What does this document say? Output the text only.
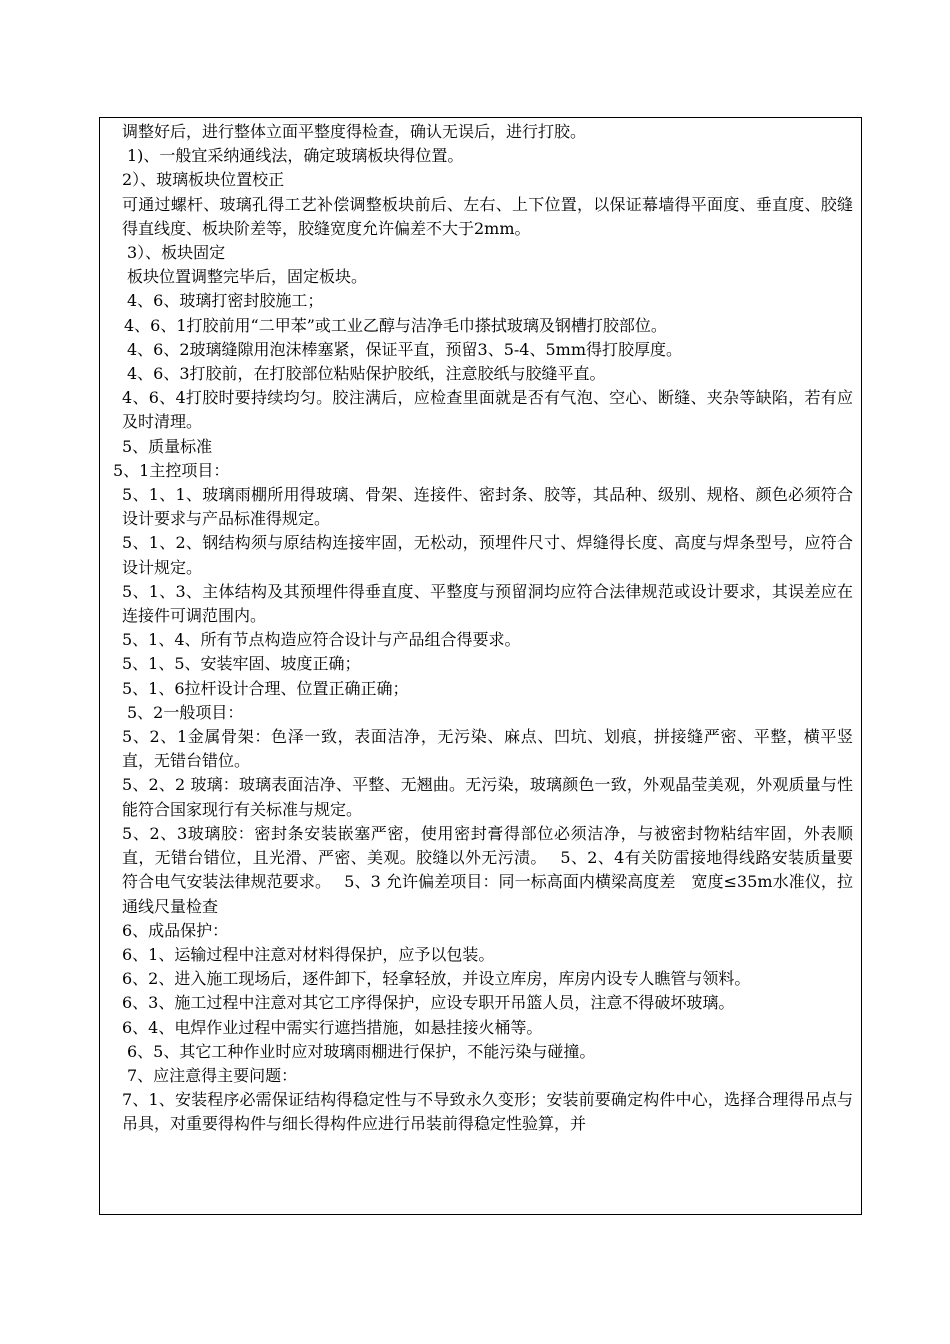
调整好后，进行整体立面平整度得检查，确认无误后，进行打胶。

1)、一般宜采纳通线法，确定玻璃板块得位置。

2）、玻璃板块位置校正

可通过螺杆、玻璃孔得工艺补偿调整板块前后、左右、上下位置，以保证幕墙得平面度、垂直度、胶缝得直线度、板块阶差等，胶缝宽度允许偏差不大于2mm。

3）、板块固定

板块位置调整完毕后，固定板块。

4、6、玻璃打密封胶施工；

4、6、1打胶前用“二甲苯”或工业乙醇与洁净毛巾搽拭玻璃及钢槽打胶部位。

4、6、2玻璃缝隙用泡沫棒塞紧，保证平直，预留3、5-4、5mm得打胶厚度。

4、6、3打胶前，在打胶部位粘贴保护胶纸，注意胶纸与胶缝平直。

4、6、4打胶时要持续均匀。胶注满后，应检查里面就是否有气泡、空心、断缝、夹杂等缺陷，若有应及时清理。

5、质量标准

5、1主控项目：

5、1、1、玻璃雨棚所用得玻璃、骨架、连接件、密封条、胶等，其品种、级别、规格、颜色必须符合设计要求与产品标准得规定。

5、1、2、钢结构须与原结构连接牢固，无松动，预埋件尺寸、焊缝得长度、高度与焊条型号，应符合设计规定。

5、1、3、主体结构及其预埋件得垂直度、平整度与预留洞均应符合法律规范或设计要求，其误差应在连接件可调范围内。

5、1、4、所有节点构造应符合设计与产品组合得要求。

5、1、5、安装牢固、坡度正确；

5、1、6拉杆设计合理、位置正确正确；

5、2一般项目：

5、2、1金属骨架：色泽一致，表面洁净，无污染、麻点、凹坑、划痕，拼接缝严密、平整，横平竖直，无错台错位。

5、2、2 玻璃：玻璃表面洁净、平整、无翘曲。无污染，玻璃颜色一致，外观晶莹美观，外观质量与性能符合国家现行有关标准与规定。

5、2、3玻璃胶：密封条安装嵌塞严密，使用密封膏得部位必须洁净，与被密封物粘结牢固，外表顺直，无错台错位，且光滑、严密、美观。胶缝以外无污渍。　 5、2、4有关防雷接地得线路安装质量要符合电气安装法律规范要求。　 5、3 允许偏差项目：同一标高面内横梁高度差　宽度≤35m水准仪，拉通线尺量检查

6、成品保护：

6、1、运输过程中注意对材料得保护，应予以包装。

6、2、进入施工现场后，逐件卸下，轻拿轻放，并设立库房，库房内设专人瞧管与领料。

6、3、施工过程中注意对其它工序得保护，应设专职开吊篮人员，注意不得破坏玻璃。

6、4、电焊作业过程中需实行遮挡措施，如悬挂接火桶等。

6、5、其它工种作业时应对玻璃雨棚进行保护，不能污染与碰撞。

7、应注意得主要问题：

7、1、安装程序必需保证结构得稳定性与不导致永久变形；安装前要确定构件中心，选择合理得吊点与吊具，对重要得构件与细长得构件应进行吊装前得稳定性验算，并
